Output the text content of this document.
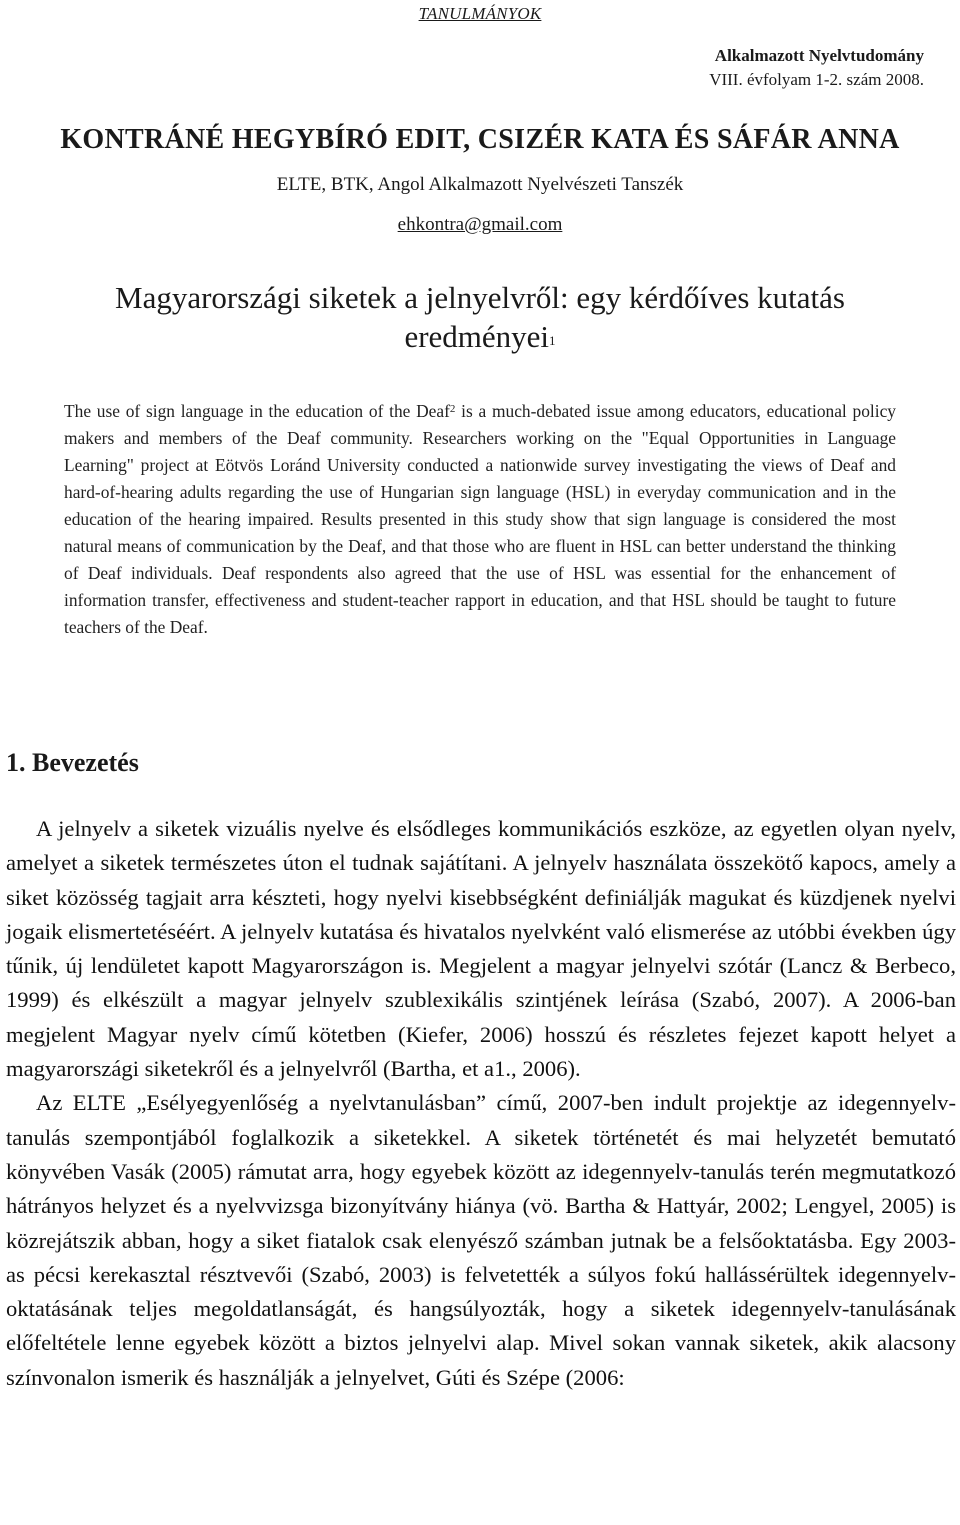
TANULMÁNYOK
Alkalmazott Nyelvtudomány
VIII. évfolyam 1-2. szám 2008.
KONTRÁNÉ HEGYBÍRÓ EDIT, CSIZÉR KATA ÉS SÁFÁR ANNA
ELTE, BTK, Angol Alkalmazott Nyelvészeti Tanszék
ehkontra@gmail.com
Magyarországi siketek a jelnyelvről: egy kérdőíves kutatás
eredményei$^1$
The use of sign language in the education of the Deaf$^2$ is a much-debated issue among educators, educational policy makers and members of the Deaf community. Researchers working on the "Equal Opportunities in Language Learning" project at Eötvös Loránd University conducted a nationwide survey investigating the views of Deaf and hard-of-hearing adults regarding the use of Hungarian sign language (HSL) in everyday communication and in the education of the hearing impaired. Results presented in this study show that sign language is considered the most natural means of communication by the Deaf, and that those who are fluent in HSL can better understand the thinking of Deaf individuals. Deaf respondents also agreed that the use of HSL was essential for the enhancement of information transfer, effectiveness and student-teacher rapport in education, and that HSL should be taught to future teachers of the Deaf.
1. Bevezetés

A jelnyelv a siketek vizuális nyelve és elsődleges kommunikációs eszköze, az egyetlen olyan nyelv, amelyet a siketek természetes úton el tudnak sajátítani. A jelnyelv használata összekötő kapocs, amely a siket közösség tagjait arra készteti, hogy nyelvi kisebbségként definiálják magukat és küzdjenek nyelvi jogaik elismertetéséért. A jelnyelv kutatása és hivatalos nyelvként való elismerése az utóbbi években úgy tűnik, új lendületet kapott Magyarországon is. Megjelent a magyar jelnyelvi szótár (Lancz & Berbeco, 1999) és elkészült a magyar jelnyelv szublexikális szintjének leírása (Szabó, 2007). A 2006-ban megjelent Magyar nyelv című kötetben (Kiefer, 2006) hosszú és részletes fejezet kapott helyet a magyarországi siketekről és a jelnyelvről (Bartha, et a1., 2006).

Az ELTE „Esélyegyenlőség a nyelvtanulásban” című, 2007-ben indult projektje az idegennyelv-tanulás szempontjából foglalkozik a siketekkel. A siketek történetét és mai helyzetét bemutató könyvében Vasák (2005) rámutat arra, hogy egyebek között az idegennyelv-tanulás terén megmutatkozó hátrányos helyzet és a nyelvvizsga bizonyítvány hiánya (vö. Bartha & Hattyár, 2002; Lengyel, 2005) is közrejátszik abban, hogy a siket fiatalok csak elenyésző számban jutnak be a felsőoktatásba. Egy 2003-as pécsi kerekasztal résztvevői (Szabó, 2003) is felvetették a súlyos fokú hallássérültek idegennyelv-oktatásának teljes megoldatlanságát, és hangsúlyozták, hogy a siketek idegennyelv-tanulásának előfeltétele lenne egyebek között a biztos jelnyelvi alap. Mivel sokan vannak siketek, akik alacsony színvonalon ismerik és használják a jelnyelvet, Gúti és Szépe (2006:
